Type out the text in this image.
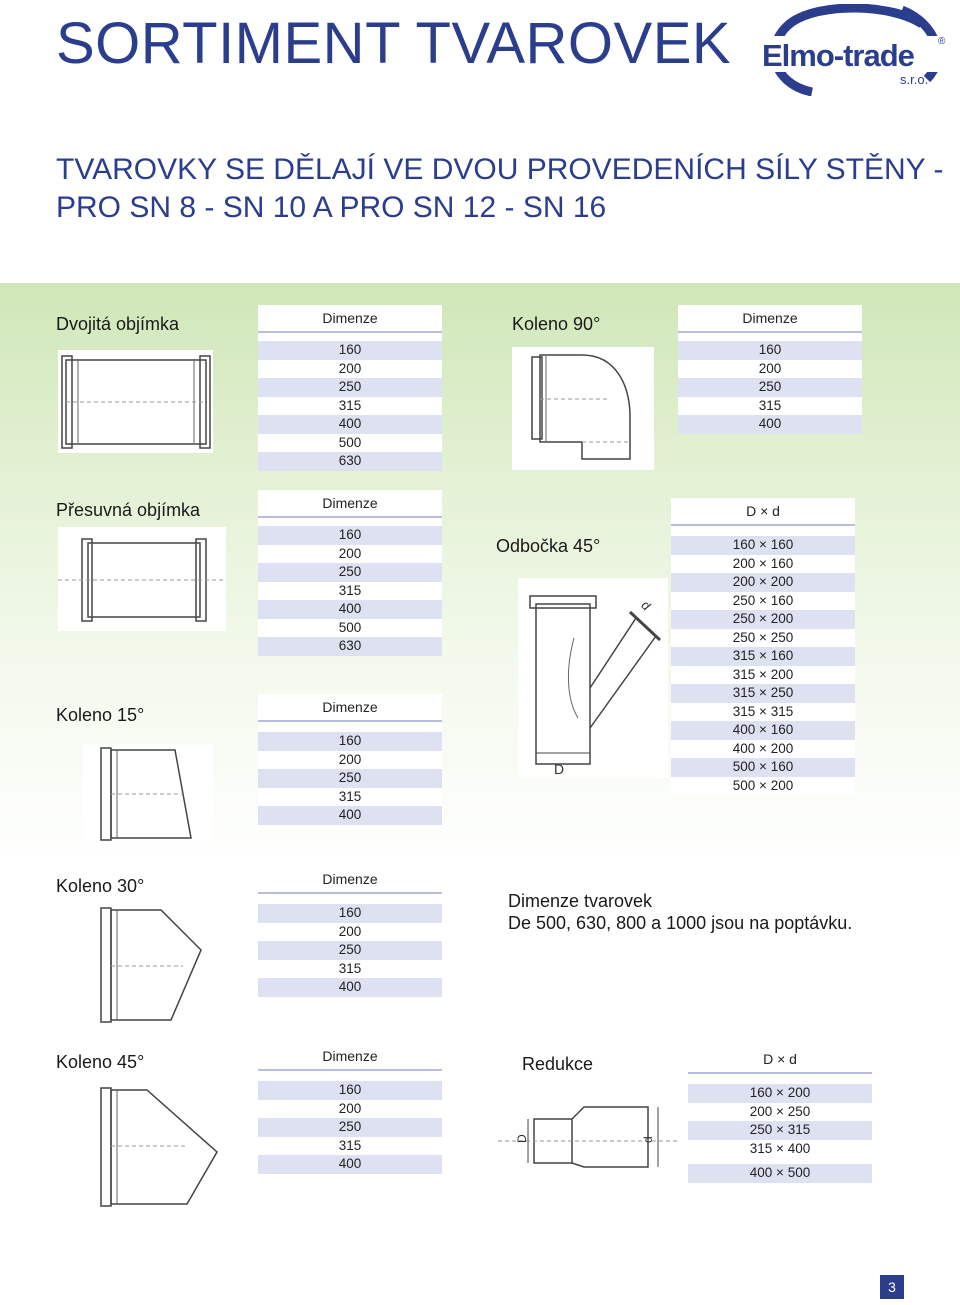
SORTIMENT TVAROVEK Elmo-trade ®
s.r.o.
TVAROVKY SE DĚLAJÍ VE DVOU PROVEDENÍCH SÍLY STĚNY -
PRO SN 8 - SN 10 A PRO SN 12 - SN 16
Dvojitá objímka	Dimenze
160
200
250
315
400
500
630
Koleno 90°	Dimenze
160
200
250
315
400
Přesuvná objímka	Dimenze
160
200
250
315
400
500
630
Odbočka 45°
D
d
D × d
160 × 160
200 × 160
200 × 200
250 × 160
250 × 200
250 × 250
315 × 160
315 × 200
315 × 250
315 × 315
400 × 160
400 × 200
500 × 160
500 × 200
Koleno 15°	Dimenze
160
200
250
315
400
Koleno 30°	Dimenze
160
200
250
315
400
Dimenze tvarovek
De 500, 630, 800 a 1000 jsou na poptávku.
Koleno 45°	Dimenze
160
200
250
315
400
Redukce
D	d
D × d
160 × 200
200 × 250
250 × 315
315 × 400
400 × 500
3
